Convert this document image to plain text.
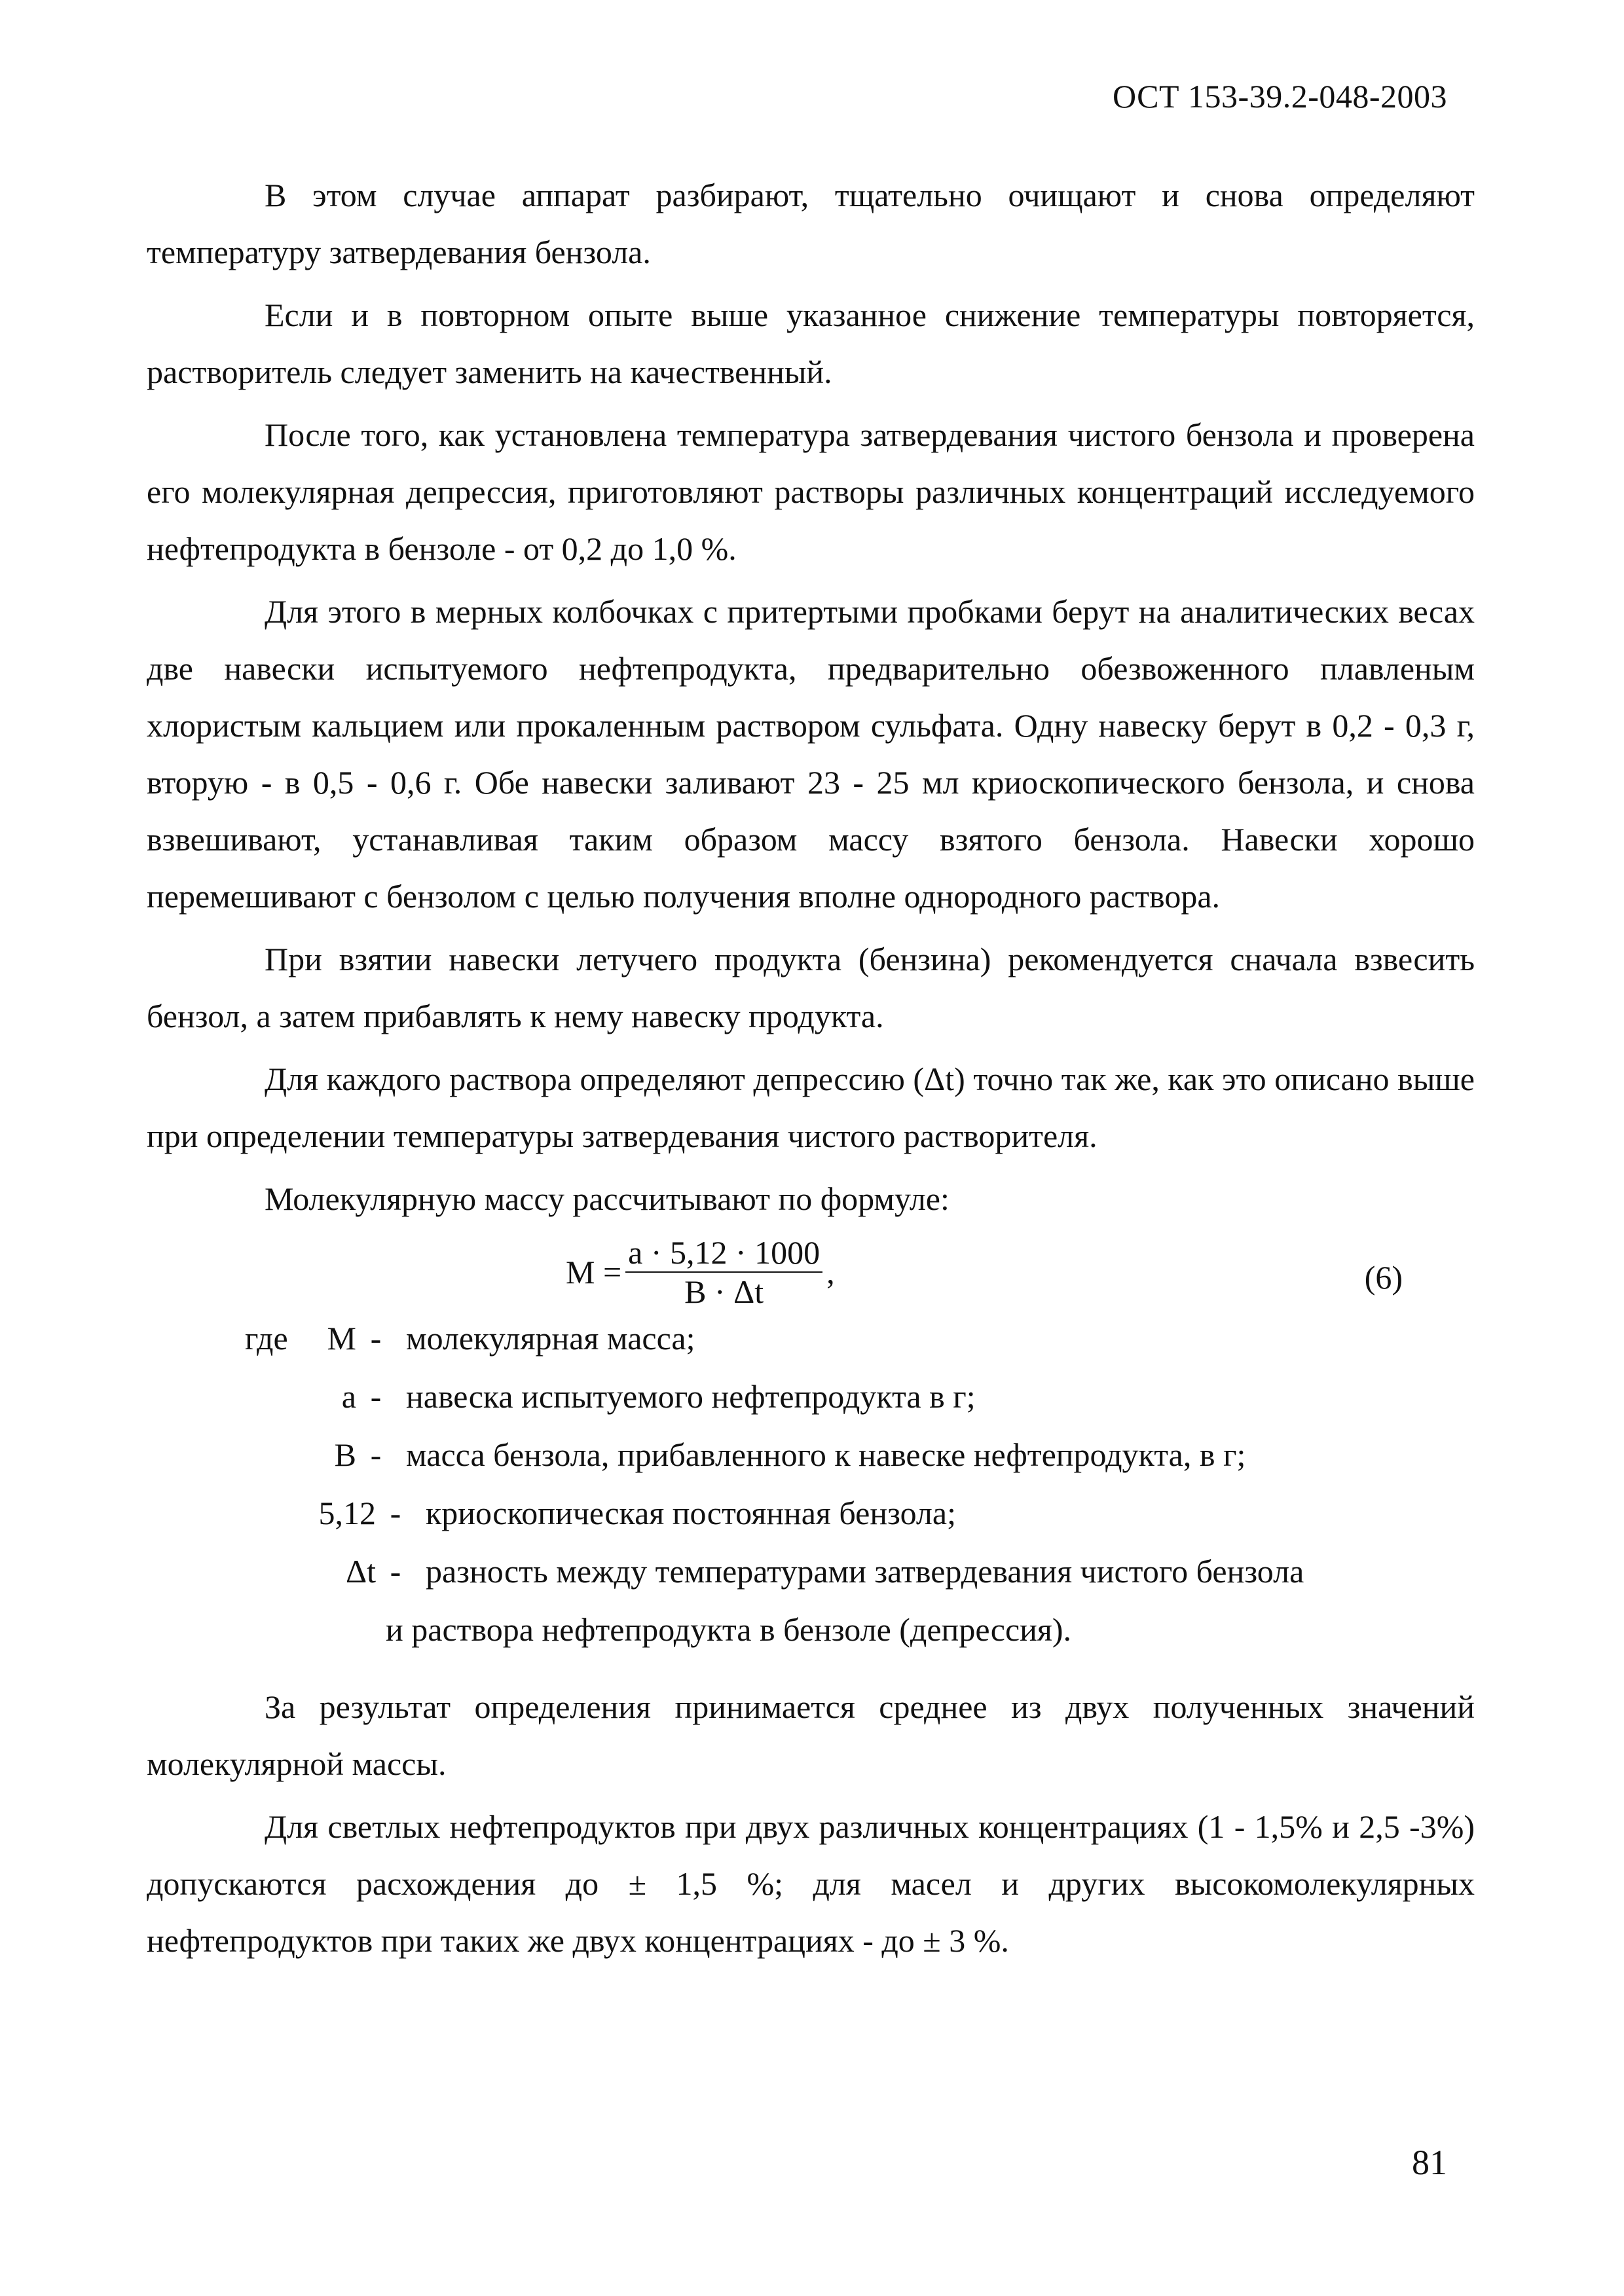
ОСТ 153-39.2-048-2003

В этом случае аппарат разбирают, тщательно очищают и снова определяют температуру затвердевания бензола.

Если и в повторном опыте выше указанное снижение температуры повторяется, растворитель следует заменить на качественный.

После того, как установлена температура затвердевания чистого бензола и проверена его молекулярная депрессия, приготовляют растворы различных концентраций исследуемого нефтепродукта в бензоле - от 0,2 до 1,0 %.

Для этого в мерных колбочках с притертыми пробками берут на аналитических весах две навески испытуемого нефтепродукта, предварительно обезвоженного плавленым хлористым кальцием или прокаленным раствором сульфата. Одну навеску берут в 0,2 - 0,3 г, вторую - в 0,5 - 0,6 г. Обе навески заливают 23 - 25 мл криоскопического бензола, и снова взвешивают, устанавливая таким образом массу взятого бензола. Навески хорошо перемешивают с бензолом с целью получения вполне однородного раствора.

При взятии навески летучего продукта (бензина) рекомендуется сначала взвесить бензол, а затем прибавлять к нему навеску продукта.

Для каждого раствора определяют депрессию (Δt) точно так же, как это описано выше при определении температуры затвердевания чистого растворителя.

Молекулярную массу рассчитывают по формуле:

$M = \frac{a \cdot 5,12 \cdot 1000}{B \cdot \Delta t}$ ,	(6)
где	M - молекулярная масса;
а - навеска испытуемого нефтепродукта в г;
В - масса бензола, прибавленного к навеске нефтепродукта, в г;
5,12 - криоскопическая постоянная бензола;
Δt - разность между температурами затвердевания чистого бензола
и раствора нефтепродукта в бензоле (депрессия).

За результат определения принимается среднее из двух полученных значений молекулярной массы.

Для светлых нефтепродуктов при двух различных концентрациях (1 - 1,5% и 2,5 -3%) допускаются расхождения до ± 1,5 %; для масел и других высокомолекулярных нефтепродуктов при таких же двух концентрациях - до ± 3 %.

81
